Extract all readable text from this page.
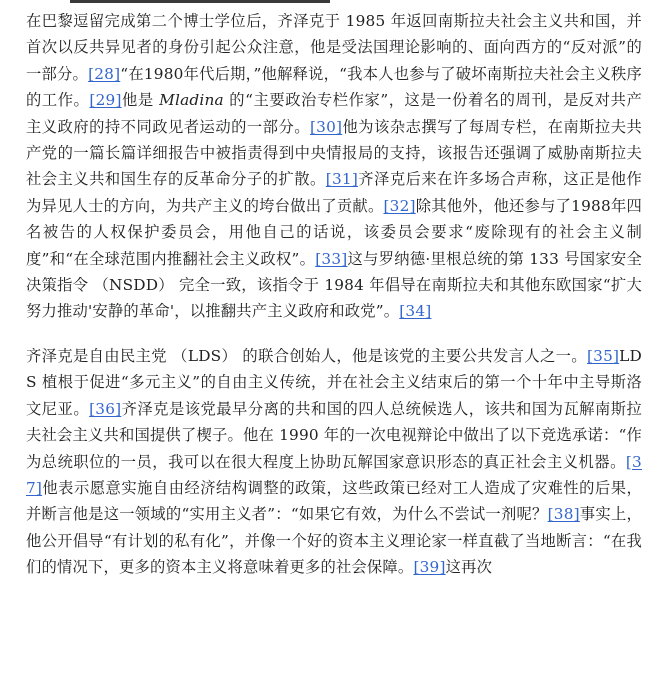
在巴黎逗留完成第二个博士学位后，齐泽克于 1985 年返回南斯拉夫社会主义共和国，并首次以反共异见者的身份引起公众注意，他是受法国理论影响的、面向西方的“反对派”的一部分。[28]“在1980年代后期，”他解释说，“我本人也参与了破坏南斯拉夫社会主义秩序的工作。[29]他是 Mladina 的“主要政治专栏作家”，这是一份着名的周刊，是反对共产主义政府的持不同政见者运动的一部分。[30]他为该杂志撰写了每周专栏，在南斯拉夫共产党的一篇长篇详细报告中被指责得到中央情报局的支持，该报告还强调了威胁南斯拉夫社会主义共和国生存的反革命分子的扩散。[31]齐泽克后来在许多场合声称，这正是他作为异见人士的方向，为共产主义的垮台做出了贡献。[32]除其他外，他还参与了1988年四名被告的人权保护委员会，用他自己的话说，该委员会要求“废除现有的社会主义制度”和“在全球范围内推翻社会主义政权”。[33]这与罗纳德·里根总统的第 133 号国家安全决策指令 （NSDD） 完全一致，该指令于 1984 年倡导在南斯拉夫和其他东欧国家“扩大努力推动'安静的革命'，以推翻共产主义政府和政党”。[34]

齐泽克是自由民主党 （LDS） 的联合创始人，他是该党的主要公共发言人之一。[35]LDS 植根于促进“多元主义”的自由主义传统，并在社会主义结束后的第一个十年中主导斯洛文尼亚。[36]齐泽克是该党最早分离的共和国的四人总统候选人，该共和国为瓦解南斯拉夫社会主义共和国提供了楔子。他在 1990 年的一次电视辩论中做出了以下竞选承诺：“作为总统职位的一员，我可以在很大程度上协助瓦解国家意识形态的真正社会主义机器。[37]他表示愿意实施自由经济结构调整的政策，这些政策已经对工人造成了灾难性的后果，并断言他是这一领域的“实用主义者”：“如果它有效，为什么不尝试一剂呢？[38]事实上，他公开倡导“有计划的私有化”，并像一个好的资本主义理论家一样直截了当地断言：“在我们的情况下，更多的资本主义将意味着更多的社会保障。[39]这再次
